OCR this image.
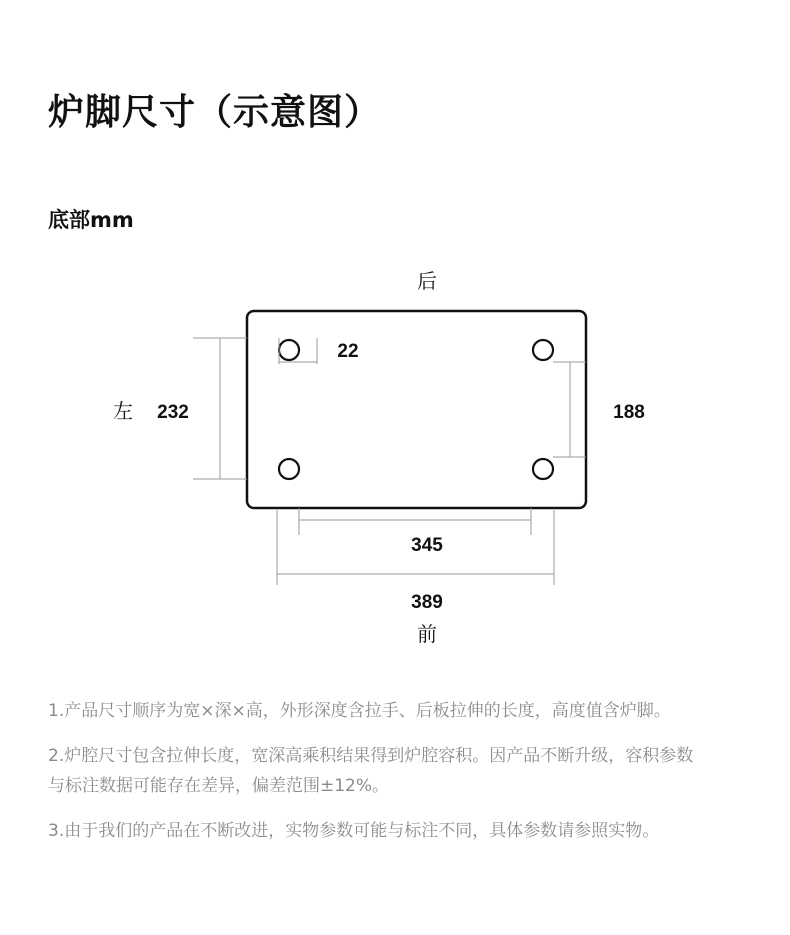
炉脚尺寸（示意图）
底部mm
后
前
左
22
232	188
345
389

1.产品尺寸顺序为宽×深×高，外形深度含拉手、后板拉伸的长度，高度值含炉脚。

2.炉腔尺寸包含拉伸长度，宽深高乘积结果得到炉腔容积。因产品不断升级，容积参数与标注数据可能存在差异，偏差范围±12%。

3.由于我们的产品在不断改进，实物参数可能与标注不同，具体参数请参照实物。
